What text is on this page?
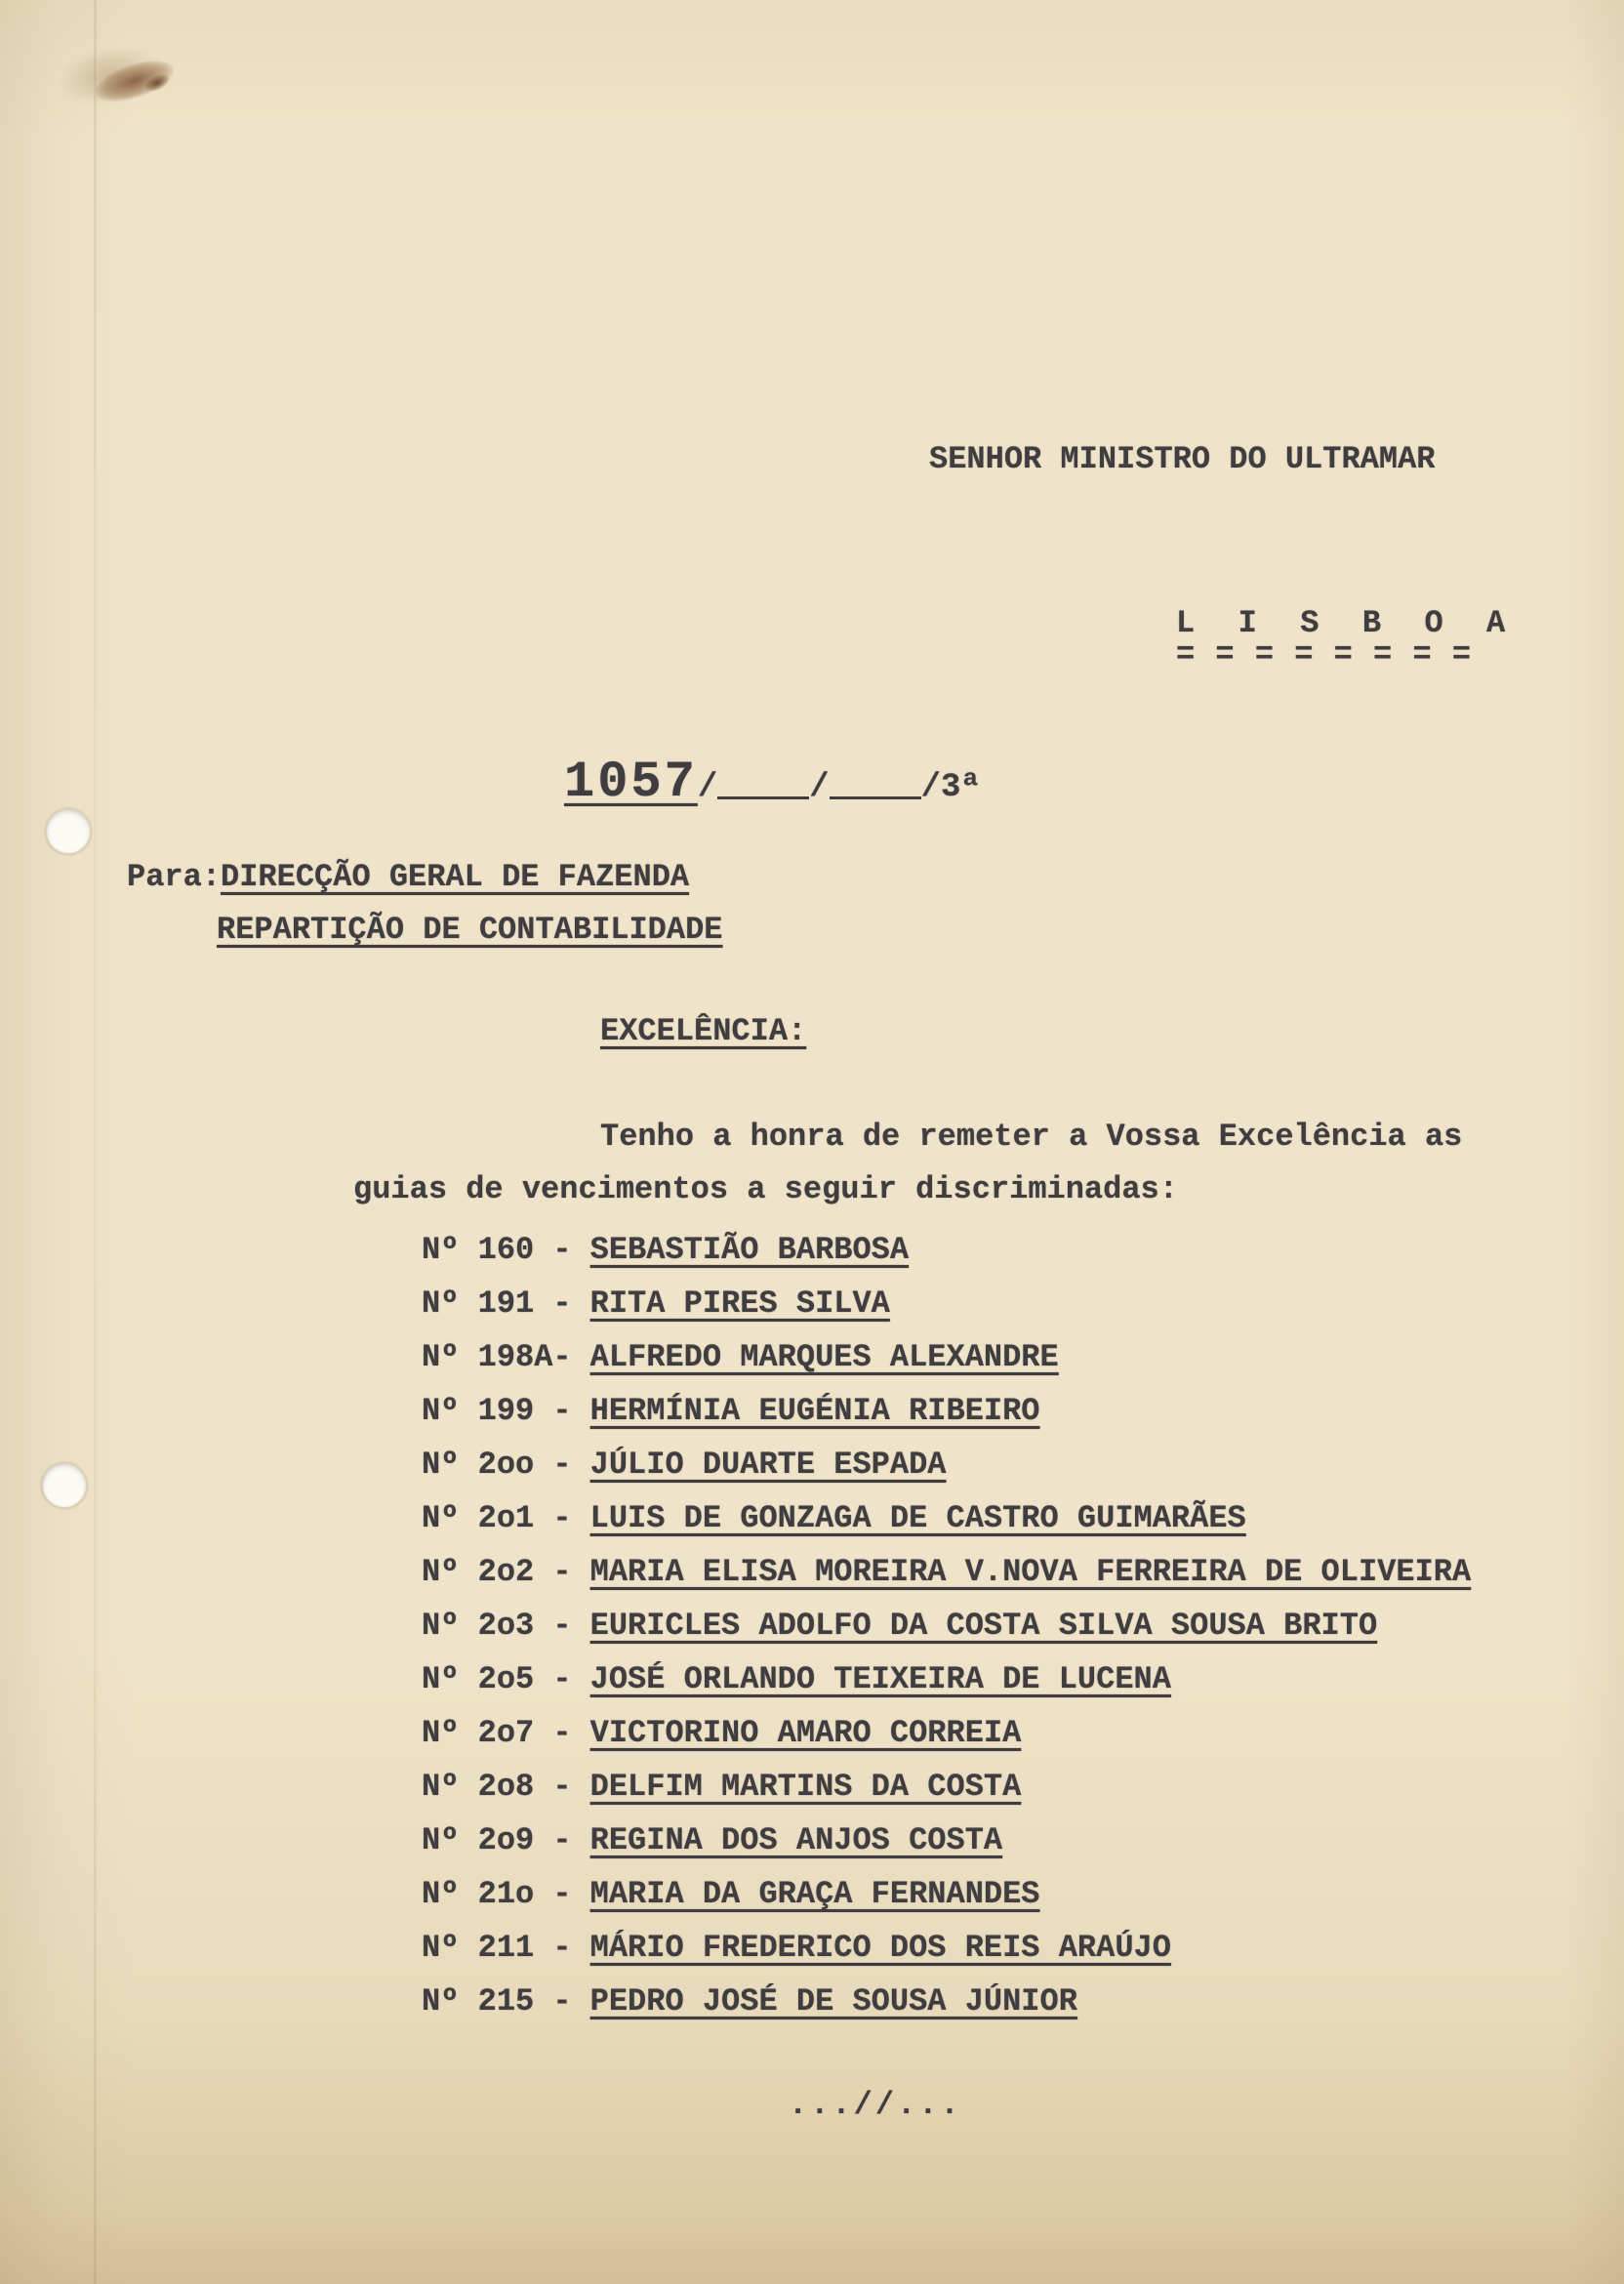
SENHOR MINISTRO DO ULTRAMAR
L  I  S  B  O  A
= = = = = = = =
1057/	/	/3ª
Para:DIRECÇÃO GERAL DE FAZENDA
REPARTIÇÃO DE CONTABILIDADE
EXCELÊNCIA:
Tenho a honra de remeter a Vossa Excelência as
guias de vencimentos a seguir discriminadas:
Nº 160 - SEBASTIÃO BARBOSA
Nº 191 - RITA PIRES SILVA
Nº 198A- ALFREDO MARQUES ALEXANDRE
Nº 199 - HERMÍNIA EUGÉNIA RIBEIRO
Nº 2oo - JÚLIO DUARTE ESPADA
Nº 2o1 - LUIS DE GONZAGA DE CASTRO GUIMARÃES
Nº 2o2 - MARIA ELISA MOREIRA V.NOVA FERREIRA DE OLIVEIRA
Nº 2o3 - EURICLES ADOLFO DA COSTA SILVA SOUSA BRITO
Nº 2o5 - JOSÉ ORLANDO TEIXEIRA DE LUCENA
Nº 2o7 - VICTORINO AMARO CORREIA
Nº 2o8 - DELFIM MARTINS DA COSTA
Nº 2o9 - REGINA DOS ANJOS COSTA
Nº 21o - MARIA DA GRAÇA FERNANDES
Nº 211 - MÁRIO FREDERICO DOS REIS ARAÚJO
Nº 215 - PEDRO JOSÉ DE SOUSA JÚNIOR
...//...
